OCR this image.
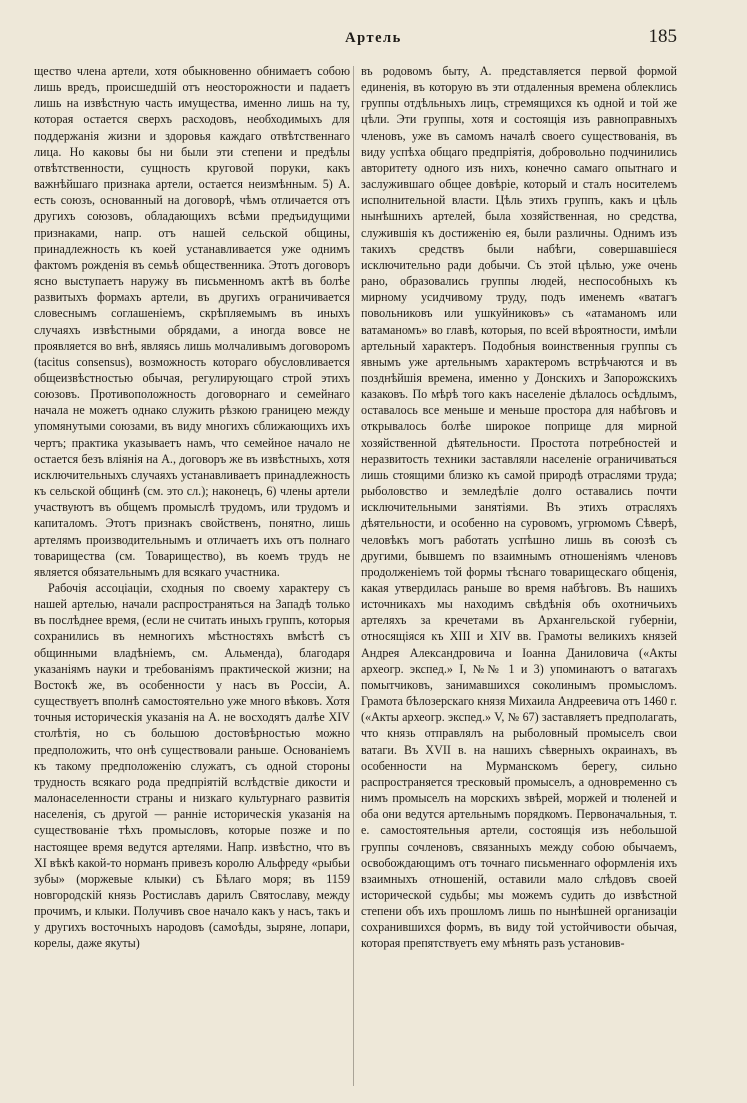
Артель	185

щество члена артели, хотя обыкновенно обнимаетъ собою лишь вредъ, происшедшій отъ неосторожности и падаетъ лишь на извѣстную часть имущества, именно лишь на ту, которая остается сверхъ расходовъ, необходимыхъ для поддержанія жизни и здоровья каждаго отвѣтственнаго лица. Но каковы бы ни были эти степени и предѣлы отвѣтственности, сущность круговой поруки, какъ важнѣйшаго признака артели, остается неизмѣнным. 5) А. есть союзъ, основанный на договорѣ, чѣмъ отличается отъ другихъ союзовъ, обладающихъ всѣми предъидущими признаками, напр. отъ нашей сельской общины, принадлежность къ коей устанавливается уже однимъ фактомъ рожденія въ семьѣ общественника. Этотъ договоръ ясно выступаетъ наружу въ письменномъ актѣ въ болѣе развитыхъ формахъ артели, въ другихъ ограничивается словеснымъ соглашеніемъ, скрѣпляемымъ въ иныхъ случаяхъ извѣстными обрядами, а иногда вовсе не проявляется во внѣ, являясь лишь молчаливымъ договоромъ (tacitus consensus), возможность котораго обусловливается общеизвѣстностью обычая, регулирующаго строй этихъ союзовъ. Противоположность договорнаго и семейнаго начала не можетъ однако служить рѣзкою границею между упомянутыми союзами, въ виду многихъ сближающихъ ихъ чертъ; практика указываетъ намъ, что семейное начало не остается безъ вліянія на А., договоръ же въ извѣстныхъ, хотя исключительныхъ случаяхъ устанавливаетъ принадлежность къ сельской общинѣ (см. это сл.); наконецъ, 6) члены артели участвуютъ въ общемъ промыслѣ трудомъ, или трудомъ и капиталомъ. Этотъ признакъ свойственъ, понятно, лишь артелямъ производительнымъ и отличаетъ ихъ отъ полнаго товарищества (см. Товарищество), въ коемъ трудъ не является обязательнымъ для всякаго участника.

Рабочія ассоціаціи, сходныя по своему характеру съ нашей артелью, начали распространяться на Западѣ только въ послѣднее время, (если не считать иныхъ группъ, которыя сохранились въ немногихъ мѣстностяхъ вмѣстѣ съ общинными владѣніемъ, см. Альменда), благодаря указаніямъ науки и требованіямъ практической жизни; на Востокѣ же, въ особенности у насъ въ Россіи, А. существуетъ вполнѣ самостоятельно уже много вѣковъ. Хотя точныя историческія указанія на А. не восходятъ далѣе XIV столѣтія, но съ большою достовѣрностью можно предположить, что онѣ существовали раньше. Основаніемъ къ такому предположенію служатъ, съ одной стороны трудность всякаго рода предпріятій вслѣдствіе дикости и малонаселенности страны и низкаго культурнаго развитія населенія, съ другой — ранніе историческія указанія на существованіе тѣхъ промысловъ, которые позже и по настоящее время ведутся артелями. Напр. извѣстно, что въ XI вѣкѣ какой-то норманъ привезъ королю Альфреду «рыбьи зубы» (моржевые клыки) съ Бѣлаго моря; въ 1159 новгородскій князь Ростиславъ дарилъ Святославу, между прочимъ, и клыки. Получивъ свое начало какъ у насъ, такъ и у другихъ восточныхъ народовъ (самоѣды, зыряне, лопари, корелы, даже якуты)

въ родовомъ быту, А. представляется первой формой единенія, въ которую въ эти отдаленныя времена облеклись группы отдѣльныхъ лицъ, стремящихся къ одной и той же цѣли. Эти группы, хотя и состоящія изъ равноправныхъ членовъ, уже въ самомъ началѣ своего существованія, въ виду успѣха общаго предпріятія, добровольно подчинились авторитету одного изъ нихъ, конечно самаго опытнаго и заслужившаго общее довѣріе, который и сталъ носителемъ исполнительной власти. Цѣль этихъ группъ, какъ и цѣль нынѣшнихъ артелей, была хозяйственная, но средства, служившія къ достиженію ея, были различны. Однимъ изъ такихъ средствъ были набѣги, совершавшіеся исключительно ради добычи. Съ этой цѣлью, уже очень рано, образовались группы людей, неспособныхъ къ мирному усидчивому труду, подъ именемъ «ватагъ повольниковъ или ушкуйниковъ» съ «атаманомъ или ватаманомъ» во главѣ, которыя, по всей вѣроятности, имѣли артельный характеръ. Подобныя воинственныя группы съ явнымъ уже артельнымъ характеромъ встрѣчаются и въ позднѣйшія времена, именно у Донскихъ и Запорожскихъ казаковъ. По мѣрѣ того какъ населеніе дѣлалось осѣдлымъ, оставалось все меньше и меньше простора для набѣговъ и открывалось болѣе широкое поприще для мирной хозяйственной дѣятельности. Простота потребностей и неразвитость техники заставляли населеніе ограничиваться лишь стоящими близко къ самой природѣ отраслями труда; рыболовство и земледѣліе долго оставались почти исключительными занятіями. Въ этихъ отрасляхъ дѣятельности, и особенно на суровомъ, угрюмомъ Сѣверѣ, человѣкъ могъ работать успѣшно лишь въ союзѣ съ другими, бывшемъ по взаимнымъ отношеніямъ членовъ продолженіемъ той формы тѣснаго товарищескаго общенія, какая утвердилась раньше во время набѣговъ. Въ нашихъ источникахъ мы находимъ свѣдѣнія объ охотничьихъ артеляхъ за кречетами въ Архангельской губерніи, относящіяся къ XIII и XIV вв. Грамоты великихъ князей Андрея Александровича и Іоанна Даниловича («Акты археогр. экспед.» I, №№ 1 и 3) упоминаютъ о ватагахъ помытчиковъ, занимавшихся соколинымъ промысломъ. Грамота бѣлозерскаго князя Михаила Андреевича отъ 1460 г. («Акты археогр. экспед.» V, № 67) заставляетъ предполагать, что князь отправлялъ на рыболовный промыселъ свои ватаги. Въ XVII в. на нашихъ сѣверныхъ окраинахъ, въ особенности на Мурманскомъ берегу, сильно распространяется тресковый промыселъ, а одновременно съ нимъ промыселъ на морскихъ звѣрей, моржей и тюленей и оба они ведутся артельнымъ порядкомъ. Первоначальныя, т. е. самостоятельныя артели, состоящія изъ небольшой группы сочленовъ, связанныхъ между собою обычаемъ, освобождающимъ отъ точнаго письменнаго оформленія ихъ взаимныхъ отношеній, оставили мало слѣдовъ своей исторической судьбы; мы можемъ судить до извѣстной степени объ ихъ прошломъ лишь по нынѣшней организаціи сохранившихся формъ, въ виду той устойчивости обычая, которая препятствуетъ ему мѣнять разъ установив-
